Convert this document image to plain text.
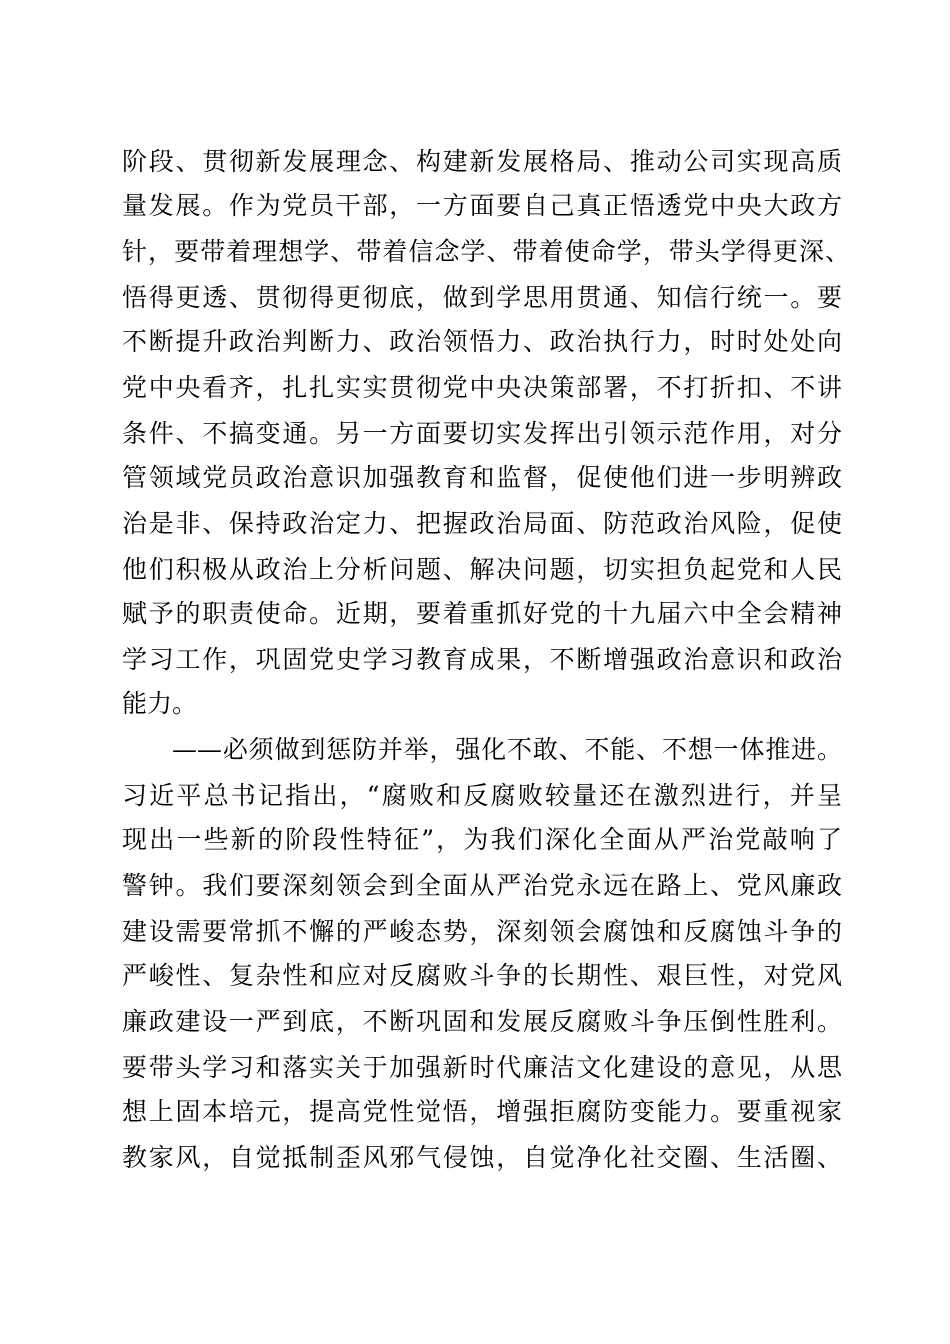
阶段、贯彻新发展理念、构建新发展格局、推动公司实现高质
量发展。作为党员干部，一方面要自己真正悟透党中央大政方
针，要带着理想学、带着信念学、带着使命学，带头学得更深、
悟得更透、贯彻得更彻底，做到学思用贯通、知信行统一。要
不断提升政治判断力、政治领悟力、政治执行力，时时处处向
党中央看齐，扎扎实实贯彻党中央决策部署，不打折扣、不讲
条件、不搞变通。另一方面要切实发挥出引领示范作用，对分
管领域党员政治意识加强教育和监督，促使他们进一步明辨政
治是非、保持政治定力、把握政治局面、防范政治风险，促使
他们积极从政治上分析问题、解决问题，切实担负起党和人民
赋予的职责使命。近期，要着重抓好党的十九届六中全会精神
学习工作，巩固党史学习教育成果，不断增强政治意识和政治
能力。
——必须做到惩防并举，强化不敢、不能、不想一体推进。
习近平总书记指出，“腐败和反腐败较量还在激烈进行，并呈
现出一些新的阶段性特征”，为我们深化全面从严治党敲响了
警钟。我们要深刻领会到全面从严治党永远在路上、党风廉政
建设需要常抓不懈的严峻态势，深刻领会腐蚀和反腐蚀斗争的
严峻性、复杂性和应对反腐败斗争的长期性、艰巨性，对党风
廉政建设一严到底，不断巩固和发展反腐败斗争压倒性胜利。
要带头学习和落实关于加强新时代廉洁文化建设的意见，从思
想上固本培元，提高党性觉悟，增强拒腐防变能力。要重视家
教家风，自觉抵制歪风邪气侵蚀，自觉净化社交圈、生活圈、
